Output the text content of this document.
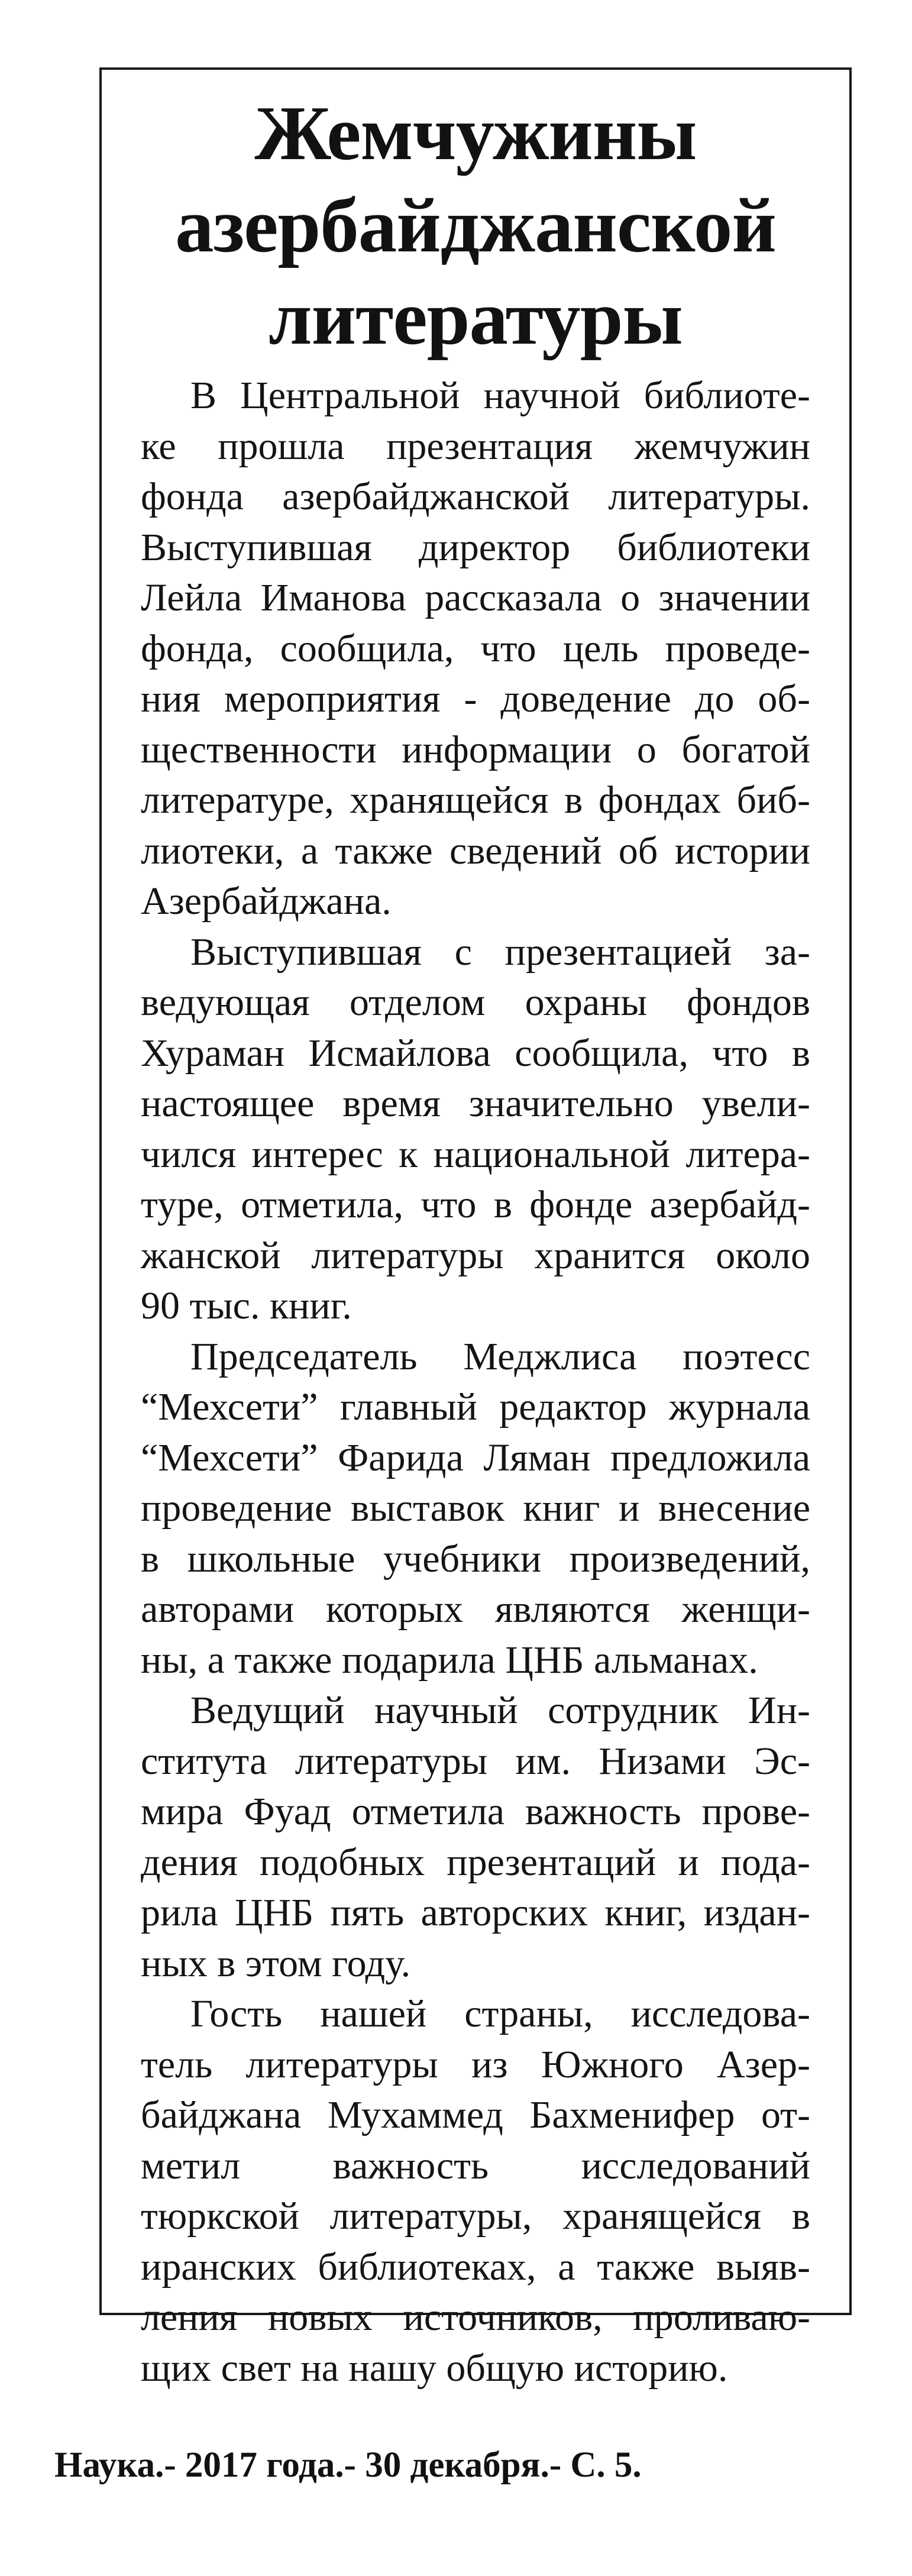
Жемчужины
азербайджанской
литературы

В Центральной научной библиоте-
ке прошла презентация жемчужин
фонда азербайджанской литературы.
Выступившая директор библиотеки
Лейла Иманова рассказала о значении
фонда, сообщила, что цель проведе-
ния мероприятия - доведение до об-
щественности информации о богатой
литературе, хранящейся в фондах биб-
лиотеки, а также сведений об истории
Азербайджана.

Выступившая с презентацией за-
ведующая отделом охраны фондов
Хураман Исмайлова сообщила, что в
настоящее время значительно увели-
чился интерес к национальной литера-
туре, отметила, что в фонде азербайд-
жанской литературы хранится около
90 тыс. книг.

Председатель Меджлиса поэтесс
“Мехсети” главный редактор журнала
“Мехсети” Фарида Ляман предложила
проведение выставок книг и внесение
в школьные учебники произведений,
авторами которых являются женщи-
ны, а также подарила ЦНБ альманах.

Ведущий научный сотрудник Ин-
ститута литературы им. Низами Эс-
мира Фуад отметила важность прове-
дения подобных презентаций и пода-
рила ЦНБ пять авторских книг, издан-
ных в этом году.

Гость нашей страны, исследова-
тель литературы из Южного Азер-
байджана Мухаммед Бахменифер от-
метил важность исследований
тюркской литературы, хранящейся в
иранских библиотеках, а также выяв-
ления новых источников, проливаю-
щих свет на нашу общую историю.

Наука.- 2017 года.- 30 декабря.- С. 5.
